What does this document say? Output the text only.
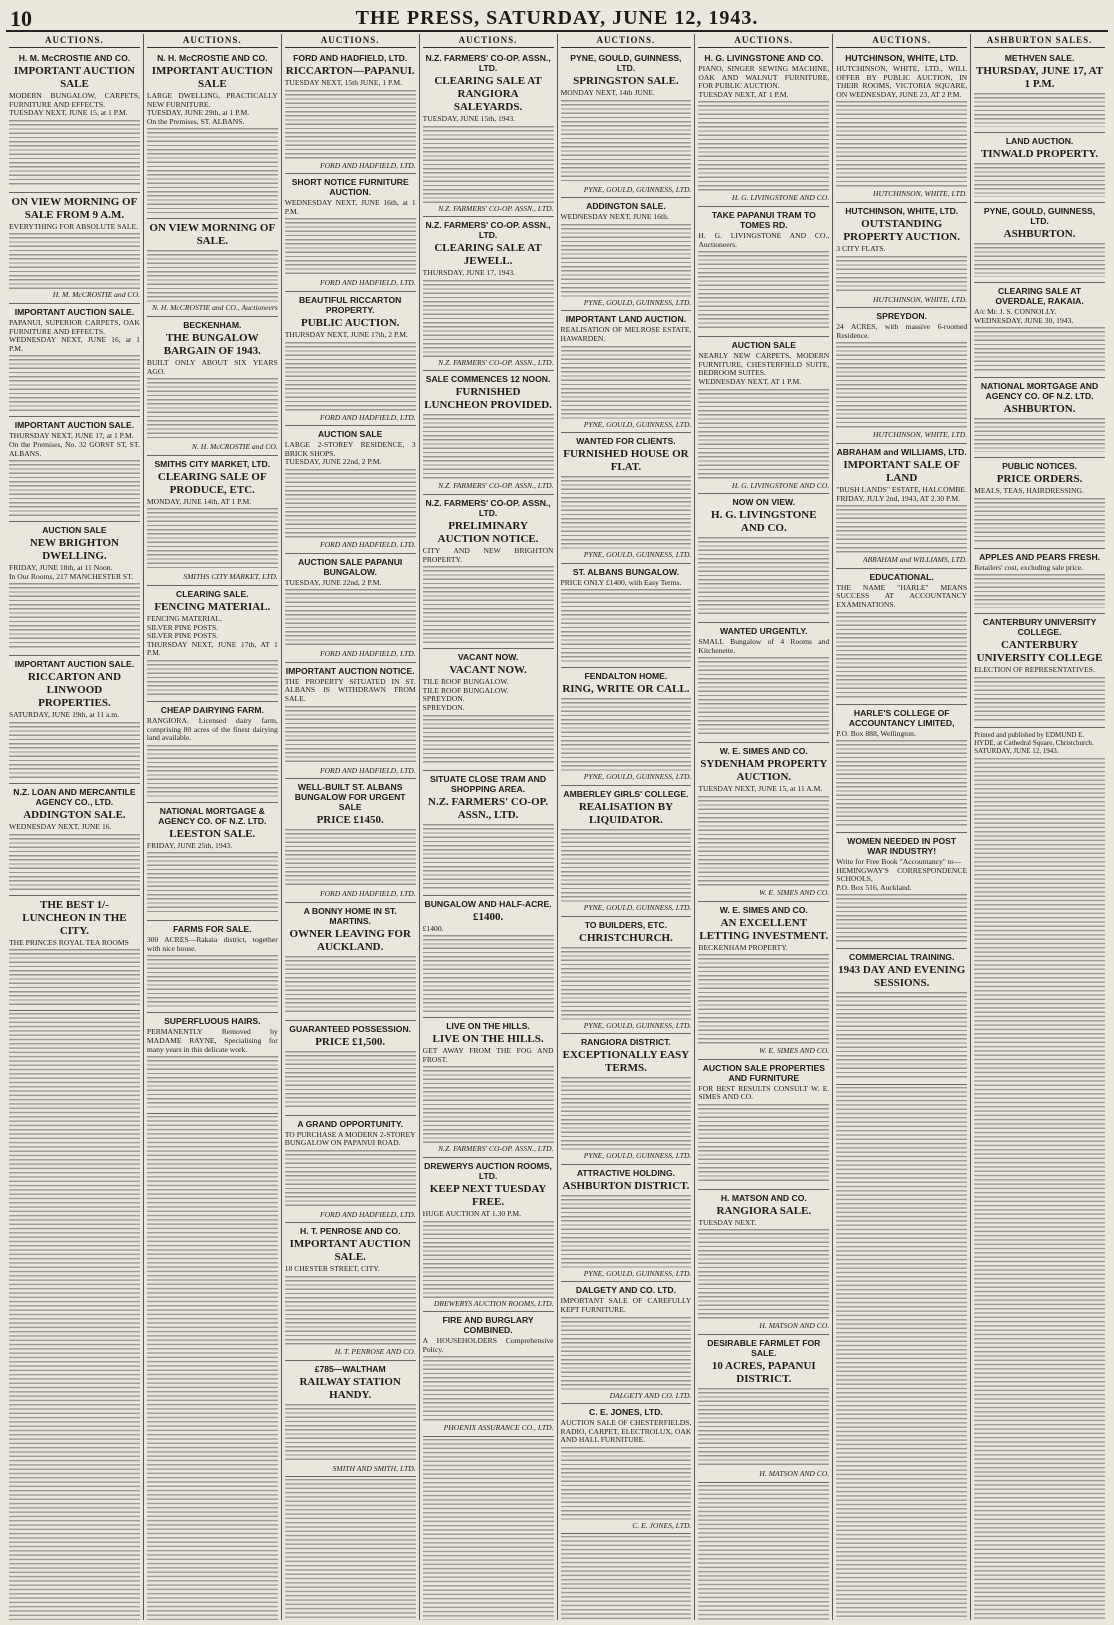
10	THE PRESS, SATURDAY, JUNE 12, 1943.
AUCTIONS.
H. M. McCROSTIE AND CO.

IMPORTANT AUCTION SALE

MODERN BUNGALOW, CARPETS, FURNITURE AND EFFECTS.

TUESDAY NEXT, JUNE 15, at 1 P.M.

ON VIEW MORNING OF SALE FROM 9 A.M.

EVERYTHING FOR ABSOLUTE SALE.

H. M. McCROSTIE and CO.
IMPORTANT AUCTION SALE.

PAPANUI, SUPERIOR CARPETS, OAK FURNITURE AND EFFECTS.

WEDNESDAY NEXT, JUNE 16, at 1 P.M.

IMPORTANT AUCTION SALE.

THURSDAY NEXT, JUNE 17, at 1 P.M.

On the Premises, No. 32 GORST ST, ST. ALBANS.

AUCTION SALE

NEW BRIGHTON DWELLING.

FRIDAY, JUNE 18th, at 11 Noon.

In Our Rooms, 217 MANCHESTER ST.

IMPORTANT AUCTION SALE.

RICCARTON AND LINWOOD PROPERTIES.

SATURDAY, JUNE 19th, at 11 a.m.

N.Z. LOAN AND MERCANTILE AGENCY CO., LTD.

ADDINGTON SALE.

WEDNESDAY NEXT, JUNE 16.

THE BEST 1/- LUNCHEON IN THE CITY.

THE PRINCES ROYAL TEA ROOMS

AUCTIONS.
N. H. McCROSTIE AND CO.

IMPORTANT AUCTION SALE

LARGE DWELLING, PRACTICALLY NEW FURNITURE.

TUESDAY, JUNE 29th, at 1 P.M.

On the Premises, ST. ALBANS.

ON VIEW MORNING OF SALE.

N. H. McCROSTIE and CO., Auctioneers
BECKENHAM.

THE BUNGALOW BARGAIN OF 1943.

BUILT ONLY ABOUT SIX YEARS AGO.

N. H. McCROSTIE and CO.
SMITHS CITY MARKET, LTD.

CLEARING SALE OF PRODUCE, ETC.

MONDAY, JUNE 14th, AT 1 P.M.

SMITHS CITY MARKET, LTD.
CLEARING SALE.

FENCING MATERIAL.

FENCING MATERIAL.

SILVER PINE POSTS.

SILVER PINE POSTS.

THURSDAY NEXT, JUNE 17th, AT 1 P.M.

CHEAP DAIRYING FARM.

RANGIORA. Licensed dairy farm, comprising 80 acres of the finest dairying land available.

NATIONAL MORTGAGE & AGENCY CO. OF N.Z. LTD.

LEESTON SALE.

FRIDAY, JUNE 25th, 1943.

FARMS FOR SALE.

300 ACRES—Rakaia district, together with nice house.

SUPERFLUOUS HAIRS.

PERMANENTLY Removed by MADAME RAYNE, Specialising for many years in this delicate work.

AUCTIONS.
FORD AND HADFIELD, LTD.

RICCARTON—PAPANUI.

TUESDAY NEXT, 15th JUNE, 1 P.M.

FORD AND HADFIELD, LTD.
SHORT NOTICE FURNITURE AUCTION.

WEDNESDAY NEXT, JUNE 16th, at 1 P.M.

FORD AND HADFIELD, LTD.
BEAUTIFUL RICCARTON PROPERTY.

PUBLIC AUCTION.

THURSDAY NEXT, JUNE 17th, 2 P.M.

FORD AND HADFIELD, LTD.
AUCTION SALE

LARGE 2-STOREY RESIDENCE, 3 BRICK SHOPS.

TUESDAY, JUNE 22nd, 2 P.M.

FORD AND HADFIELD, LTD.
AUCTION SALE PAPANUI BUNGALOW.

TUESDAY, JUNE 22nd, 2 P.M.

FORD AND HADFIELD, LTD.
IMPORTANT AUCTION NOTICE.

THE PROPERTY SITUATED IN ST. ALBANS IS WITHDRAWN FROM SALE.

FORD AND HADFIELD, LTD.
WELL-BUILT ST. ALBANS BUNGALOW FOR URGENT SALE

PRICE £1450.

FORD AND HADFIELD, LTD.
A BONNY HOME IN ST. MARTINS.

OWNER LEAVING FOR AUCKLAND.

GUARANTEED POSSESSION.

PRICE £1,500.

A GRAND OPPORTUNITY.

TO PURCHASE A MODERN 2-STOREY BUNGALOW ON PAPANUI ROAD.

FORD AND HADFIELD, LTD.
H. T. PENROSE AND CO.

IMPORTANT AUCTION SALE.

18 CHESTER STREET, CITY.

H. T. PENROSE AND CO.
£785—WALTHAM

RAILWAY STATION HANDY.

SMITH AND SMITH, LTD.
AUCTIONS.
N.Z. FARMERS' CO-OP. ASSN., LTD.

CLEARING SALE AT RANGIORA SALEYARDS.

TUESDAY, JUNE 15th, 1943.

N.Z. FARMERS' CO-OP. ASSN., LTD.
N.Z. FARMERS' CO-OP. ASSN., LTD.

CLEARING SALE AT JEWELL.

THURSDAY, JUNE 17, 1943.

N.Z. FARMERS' CO-OP. ASSN., LTD.
SALE COMMENCES 12 NOON.

FURNISHED LUNCHEON PROVIDED.

N.Z. FARMERS' CO-OP. ASSN., LTD.
N.Z. FARMERS' CO-OP. ASSN., LTD.

PRELIMINARY AUCTION NOTICE.

CITY AND NEW BRIGHTON PROPERTY.

VACANT NOW.

VACANT NOW.

TILE ROOF BUNGALOW.

TILE ROOF BUNGALOW.

SPREYDON.

SPREYDON.

SITUATE CLOSE TRAM AND SHOPPING AREA.

N.Z. FARMERS' CO-OP. ASSN., LTD.

BUNGALOW AND HALF-ACRE.

£1400.

£1400.

LIVE ON THE HILLS.

LIVE ON THE HILLS.

GET AWAY FROM THE FOG AND FROST.

N.Z. FARMERS' CO-OP. ASSN., LTD.
DREWERYS AUCTION ROOMS, LTD.

KEEP NEXT TUESDAY FREE.

HUGE AUCTION AT 1.30 P.M.

DREWERYS AUCTION ROOMS, LTD.
FIRE AND BURGLARY COMBINED.

A HOUSEHOLDERS Comprehensive Policy.

PHOENIX ASSURANCE CO., LTD.
AUCTIONS.
PYNE, GOULD, GUINNESS, LTD.

SPRINGSTON SALE.

MONDAY NEXT, 14th JUNE.

PYNE, GOULD, GUINNESS, LTD.
ADDINGTON SALE.

WEDNESDAY NEXT, JUNE 16th.

PYNE, GOULD, GUINNESS, LTD.
IMPORTANT LAND AUCTION.

REALISATION OF MELROSE ESTATE, HAWARDEN.

PYNE, GOULD, GUINNESS, LTD.
WANTED FOR CLIENTS.

FURNISHED HOUSE OR FLAT.

PYNE, GOULD, GUINNESS, LTD.
ST. ALBANS BUNGALOW.

PRICE ONLY £1400, with Easy Terms.

FENDALTON HOME.

RING, WRITE OR CALL.

PYNE, GOULD, GUINNESS, LTD.
AMBERLEY GIRLS' COLLEGE.

REALISATION BY LIQUIDATOR.

PYNE, GOULD, GUINNESS, LTD.
TO BUILDERS, ETC.

CHRISTCHURCH.

PYNE, GOULD, GUINNESS, LTD.
RANGIORA DISTRICT.

EXCEPTIONALLY EASY TERMS.

PYNE, GOULD, GUINNESS, LTD.
ATTRACTIVE HOLDING.

ASHBURTON DISTRICT.

PYNE, GOULD, GUINNESS, LTD.
DALGETY AND CO. LTD.

IMPORTANT SALE OF CAREFULLY KEPT FURNITURE.

DALGETY AND CO. LTD.
C. E. JONES, LTD.

AUCTION SALE OF CHESTERFIELDS, RADIO, CARPET, ELECTROLUX, OAK AND HALL FURNITURE.

C. E. JONES, LTD.
AUCTIONS.
H. G. LIVINGSTONE AND CO.

PIANO, SINGER SEWING MACHINE, OAK AND WALNUT FURNITURE, FOR PUBLIC AUCTION.

TUESDAY NEXT, AT 1 P.M.

H. G. LIVINGSTONE AND CO.
TAKE PAPANUI TRAM TO TOMES RD.

H. G. LIVINGSTONE AND CO., Auctioneers.

AUCTION SALE

NEARLY NEW CARPETS, MODERN FURNITURE, CHESTERFIELD SUITE, BEDROOM SUITES.

WEDNESDAY NEXT, AT 1 P.M.

H. G. LIVINGSTONE AND CO.
NOW ON VIEW.

H. G. LIVINGSTONE AND CO.

WANTED URGENTLY.

SMALL Bungalow of 4 Rooms and Kitchenette.

W. E. SIMES AND CO.

SYDENHAM PROPERTY AUCTION.

TUESDAY NEXT, JUNE 15, at 11 A.M.

W. E. SIMES AND CO.
W. E. SIMES AND CO.

AN EXCELLENT LETTING INVESTMENT.

BECKENHAM PROPERTY.

W. E. SIMES AND CO.
AUCTION SALE PROPERTIES AND FURNITURE

FOR BEST RESULTS CONSULT W. E. SIMES AND CO.

H. MATSON AND CO.

RANGIORA SALE.

TUESDAY NEXT.

H. MATSON AND CO.
DESIRABLE FARMLET FOR SALE.

10 ACRES, PAPANUI DISTRICT.

H. MATSON AND CO.
AUCTIONS.
HUTCHINSON, WHITE, LTD.

HUTCHINSON, WHITE, LTD., WILL OFFER BY PUBLIC AUCTION, IN THEIR ROOMS, VICTORIA SQUARE, ON WEDNESDAY, JUNE 23, AT 2 P.M.

HUTCHINSON, WHITE, LTD.
HUTCHINSON, WHITE, LTD.

OUTSTANDING PROPERTY AUCTION.

3 CITY FLATS.

HUTCHINSON, WHITE, LTD.
SPREYDON.

24 ACRES, with massive 6-roomed Residence.

HUTCHINSON, WHITE, LTD.
ABRAHAM and WILLIAMS, LTD.

IMPORTANT SALE OF LAND

"BUSH LANDS" ESTATE, HALCOMBE.

FRIDAY, JULY 2nd, 1943, AT 2.30 P.M.

ABRAHAM and WILLIAMS, LTD.
EDUCATIONAL.

THE NAME "HARLE" MEANS SUCCESS AT ACCOUNTANCY EXAMINATIONS.

HARLE'S COLLEGE OF ACCOUNTANCY LIMITED,

P.O. Box 888, Wellington.

WOMEN NEEDED IN POST WAR INDUSTRY!

Write for Free Book "Accountancy" to—

HEMINGWAY'S CORRESPONDENCE SCHOOLS,

P.O. Box 516, Auckland.

COMMERCIAL TRAINING.

1943 DAY AND EVENING SESSIONS.

ASHBURTON SALES.
METHVEN SALE.

THURSDAY, JUNE 17, AT 1 P.M.

LAND AUCTION.

TINWALD PROPERTY.

PYNE, GOULD, GUINNESS, LTD.

ASHBURTON.

CLEARING SALE AT OVERDALE, RAKAIA.

A/c Mr. J. S. CONNOLLY.

WEDNESDAY, JUNE 30, 1943.

NATIONAL MORTGAGE AND AGENCY CO. OF N.Z. LTD.

ASHBURTON.

PUBLIC NOTICES.

PRICE ORDERS.

MEALS, TEAS, HAIRDRESSING.

APPLES AND PEARS FRESH.

Retailers' cost, excluding sale price.

CANTERBURY UNIVERSITY COLLEGE.

CANTERBURY UNIVERSITY COLLEGE

ELECTION OF REPRESENTATIVES.

Printed and published by EDMUND E. HYDE, at Cathedral Square, Christchurch. SATURDAY, JUNE 12, 1943.
